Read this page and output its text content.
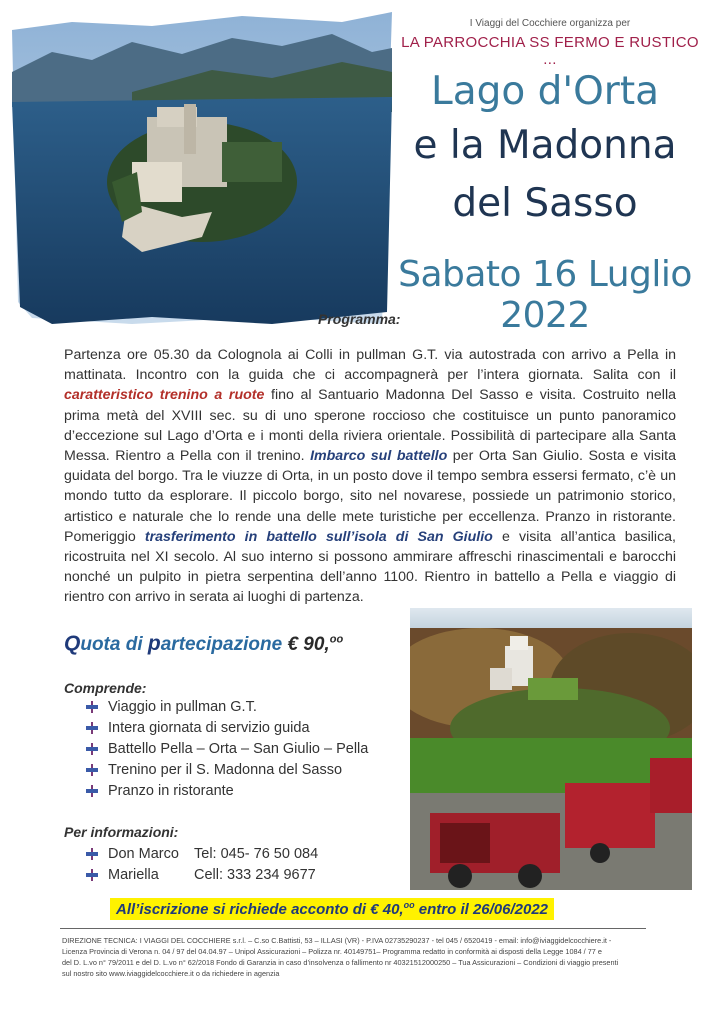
I Viaggi del Cocchiere organizza per
LA PARROCCHIA SS FERMO E RUSTICO ...
Lago d'Orta
e la Madonna
del Sasso
Sabato 16 Luglio 2022
Programma:
Partenza ore 05.30 da Colognola ai Colli in pullman G.T. via autostrada con arrivo a Pella in mattinata. Incontro con la guida che ci accompagnerà per l’intera giornata. Salita con il caratteristico trenino a ruote fino al Santuario Madonna Del Sasso e visita. Costruito nella prima metà del XVIII sec. su di uno sperone roccioso che costituisce un punto panoramico d’eccezione sul Lago d’Orta e i monti della riviera orientale. Possibilità di partecipare alla Santa Messa. Rientro a Pella con il trenino. Imbarco sul battello per Orta San Giulio. Sosta e visita guidata del borgo. Tra le viuzze di Orta, in un posto dove il tempo sembra essersi fermato, c’è un mondo tutto da esplorare. Il piccolo borgo, sito nel novarese, possiede un patrimonio storico, artistico e naturale che lo rende una delle mete turistiche per eccellenza. Pranzo in ristorante. Pomeriggio trasferimento in battello sull’isola di San Giulio e visita all’antica basilica, ricostruita nel XI secolo. Al suo interno si possono ammirare affreschi rinascimentali e barocchi nonché un pulpito in pietra serpentina dell’anno 1100. Rientro in battello a Pella e viaggio di rientro con arrivo in serata ai luoghi di partenza.
Quota di partecipazione € 90,$^{oo}$
Comprende:
Viaggio in pullman G.T.
Intera giornata di servizio guida
Battello Pella – Orta – San Giulio – Pella
Trenino per il S. Madonna del Sasso
Pranzo in ristorante
Per informazioni:
Don Marco	Tel: 045- 76 50 084
Mariella	Cell: 333 234 9677
All’iscrizione si richiede acconto di € 40,$^{oo}$ entro il 26/06/2022
DIREZIONE TECNICA: I VIAGGI DEL COCCHIERE s.r.l. – C.so C.Battisti, 53 – ILLASI (VR) - P.IVA 02735290237 - tel 045 / 6520419 - email: info@iviaggidelcocchiere.it -
Licenza Provincia di Verona n. 04 / 97 del 04.04.97 – Unipol Assicurazioni – Polizza nr. 40149751– Programma redatto in conformità ai disposti della Legge 1084 / 77 e
del D. L.vo n° 79/2011 e del D. L.vo n° 62/2018 Fondo di Garanzia in caso d’insolvenza o fallimento nr 40321512000250 – Tua Assicurazioni – Condizioni di viaggio presenti
sul nostro sito www.iviaggidelcocchiere.it o da richiedere in agenzia
